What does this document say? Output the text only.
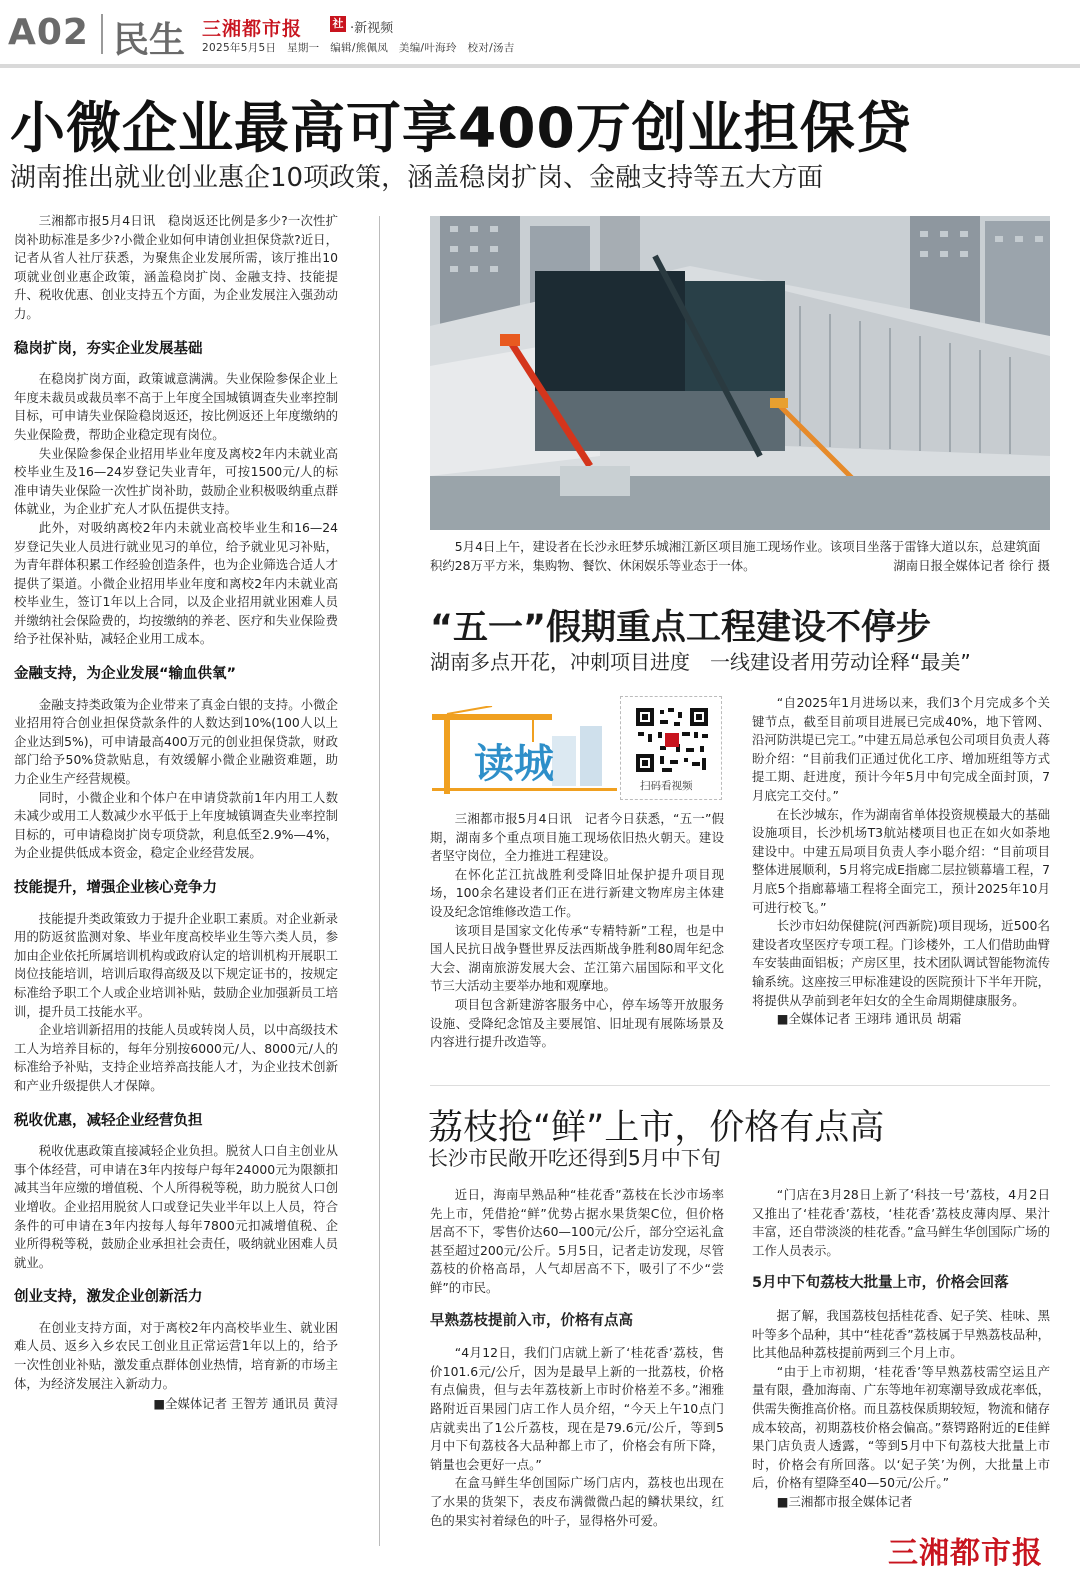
A02 民生 三湘都市报	社 ·新视频
2025年5月5日　星期一　编辑/熊佩凤　美编/叶海玲　校对/汤吉
小微企业最高可享400万创业担保贷
湖南推出就业创业惠企10项政策，涵盖稳岗扩岗、金融支持等五大方面

三湘都市报5月4日讯　稳岗返还比例是多少?一次性扩岗补助标准是多少?小微企业如何申请创业担保贷款?近日，记者从省人社厅获悉，为聚焦企业发展所需，该厅推出10项就业创业惠企政策，涵盖稳岗扩岗、金融支持、技能提升、税收优惠、创业支持五个方面，为企业发展注入强劲动力。

稳岗扩岗，夯实企业发展基础

在稳岗扩岗方面，政策诚意满满。失业保险参保企业上年度未裁员或裁员率不高于上年度全国城镇调查失业率控制目标，可申请失业保险稳岗返还，按比例返还上年度缴纳的失业保险费，帮助企业稳定现有岗位。

失业保险参保企业招用毕业年度及离校2年内未就业高校毕业生及16—24岁登记失业青年，可按1500元/人的标准申请失业保险一次性扩岗补助，鼓励企业积极吸纳重点群体就业，为企业扩充人才队伍提供支持。

此外，对吸纳离校2年内未就业高校毕业生和16—24岁登记失业人员进行就业见习的单位，给予就业见习补贴，为青年群体积累工作经验创造条件，也为企业筛选合适人才提供了渠道。小微企业招用毕业年度和离校2年内未就业高校毕业生，签订1年以上合同，以及企业招用就业困难人员并缴纳社会保险费的，均按缴纳的养老、医疗和失业保险费给予社保补贴，减轻企业用工成本。

金融支持，为企业发展“输血供氧”

金融支持类政策为企业带来了真金白银的支持。小微企业招用符合创业担保贷款条件的人数达到10%(100人以上企业达到5%)，可申请最高400万元的创业担保贷款，财政部门给予50%贷款贴息，有效缓解小微企业融资难题，助力企业生产经营规模。

同时，小微企业和个体户在申请贷款前1年内用工人数未减少或用工人数减少水平低于上年度城镇调查失业率控制目标的，可申请稳岗扩岗专项贷款，利息低至2.9%—4%，为企业提供低成本资金，稳定企业经营发展。

技能提升，增强企业核心竞争力

技能提升类政策致力于提升企业职工素质。对企业新录用的防返贫监测对象、毕业年度高校毕业生等六类人员，参加由企业依托所属培训机构或政府认定的培训机构开展职工岗位技能培训，培训后取得高级及以下规定证书的，按规定标准给予职工个人或企业培训补贴，鼓励企业加强新员工培训，提升员工技能水平。

企业培训新招用的技能人员或转岗人员，以中高级技术工人为培养目标的，每年分别按6000元/人、8000元/人的标准给予补贴，支持企业培养高技能人才，为企业技术创新和产业升级提供人才保障。

税收优惠，减轻企业经营负担

税收优惠政策直接减轻企业负担。脱贫人口自主创业从事个体经营，可申请在3年内按每户每年24000元为限额扣减其当年应缴的增值税、个人所得税等税，助力脱贫人口创业增收。企业招用脱贫人口或登记失业半年以上人员，符合条件的可申请在3年内按每人每年7800元扣减增值税、企业所得税等税，鼓励企业承担社会责任，吸纳就业困难人员就业。

创业支持，激发企业创新活力

在创业支持方面，对于离校2年内高校毕业生、就业困难人员、返乡入乡农民工创业且正常运营1年以上的，给予一次性创业补贴，激发重点群体创业热情，培育新的市场主体，为经济发展注入新动力。

■全媒体记者 王智芳 通讯员 黄浔

5月4日上午，建设者在长沙永旺梦乐城湘江新区项目施工现场作业。该项目坐落于雷锋大道以东，总建筑面积约28万平方米，集购物、餐饮、休闲娱乐等业态于一体。	湖南日报全媒体记者 徐行 摄
“五一”假期重点工程建设不停步
湖南多点开花，冲刺项目进度　一线建设者用劳动诠释“最美”
读城	扫码看视频

三湘都市报5月4日讯　记者今日获悉，“五一”假期，湖南多个重点项目施工现场依旧热火朝天。建设者坚守岗位，全力推进工程建设。

在怀化芷江抗战胜利受降旧址保护提升项目现场，100余名建设者们正在进行新建文物库房主体建设及纪念馆维修改造工作。

该项目是国家文化传承“专精特新”工程，也是中国人民抗日战争暨世界反法西斯战争胜利80周年纪念大会、湖南旅游发展大会、芷江第六届国际和平文化节三大活动主要举办地和观摩地。

项目包含新建游客服务中心，停车场等开放服务设施、受降纪念馆及主要展馆、旧址现有展陈场景及内容进行提升改造等。

“自2025年1月进场以来，我们3个月完成多个关键节点，截至目前项目进展已完成40%，地下管网、沿河防洪堤已完工。”中建五局总承包公司项目负责人蒋盼介绍：“目前我们正通过优化工序、增加班组等方式提工期、赶进度，预计今年5月中旬完成全面封顶，7月底完工交付。”

在长沙城东，作为湖南省单体投资规模最大的基础设施项目，长沙机场T3航站楼项目也正在如火如荼地建设中。中建五局项目负责人李小聪介绍：“目前项目整体进展顺利，5月将完成E指廊二层拉锁幕墙工程，7月底5个指廊幕墙工程将全面完工，预计2025年10月可进行校飞。”

长沙市妇幼保健院(河西新院)项目现场，近500名建设者攻坚医疗专项工程。门诊楼外，工人们借助曲臂车安装曲面铝板；产房区里，技术团队调试智能物流传输系统。这座按三甲标准建设的医院预计下半年开院，将提供从孕前到老年妇女的全生命周期健康服务。

■全媒体记者 王翊玮 通讯员 胡霜

荔枝抢“鲜”上市，价格有点高
长沙市民敞开吃还得到5月中下旬

近日，海南早熟品种“桂花香”荔枝在长沙市场率先上市，凭借抢“鲜”优势占据水果货架C位，但价格居高不下，零售价达60—100元/公斤，部分空运礼盒甚至超过200元/公斤。5月5日，记者走访发现，尽管荔枝的价格高昂，人气却居高不下，吸引了不少“尝鲜”的市民。

早熟荔枝提前入市，价格有点高

“4月12日，我们门店就上新了‘桂花香’荔枝，售价101.6元/公斤，因为是最早上新的一批荔枝，价格有点偏贵，但与去年荔枝新上市时价格差不多。”湘雅路附近百果园门店工作人员介绍，“今天上午10点门店就卖出了1公斤荔枝，现在是79.6元/公斤，等到5月中下旬荔枝各大品种都上市了，价格会有所下降，销量也会更好一点。”

在盒马鲜生华创国际广场门店内，荔枝也出现在了水果的货架下，表皮布满微微凸起的鳞状果纹，红色的果实衬着绿色的叶子，显得格外可爱。

“门店在3月28日上新了‘科技一号’荔枝，4月2日又推出了‘桂花香’荔枝，‘桂花香’荔枝皮薄肉厚、果汁丰富，还自带淡淡的桂花香。”盒马鲜生华创国际广场的工作人员表示。

5月中下旬荔枝大批量上市，价格会回落

据了解，我国荔枝包括桂花香、妃子笑、桂味、黑叶等多个品种，其中“桂花香”荔枝属于早熟荔枝品种，比其他品种荔枝提前两到三个月上市。

“由于上市初期，‘桂花香’等早熟荔枝需空运且产量有限，叠加海南、广东等地年初寒潮导致成花率低，供需失衡推高价格。而且荔枝保质期较短，物流和储存成本较高，初期荔枝价格会偏高。”蔡锷路附近的E佳鲜果门店负责人透露，“等到5月中下旬荔枝大批量上市时，价格会有所回落。以‘妃子笑’为例，大批量上市后，价格有望降至40—50元/公斤。”

■三湘都市报全媒体记者

三湘都市报
